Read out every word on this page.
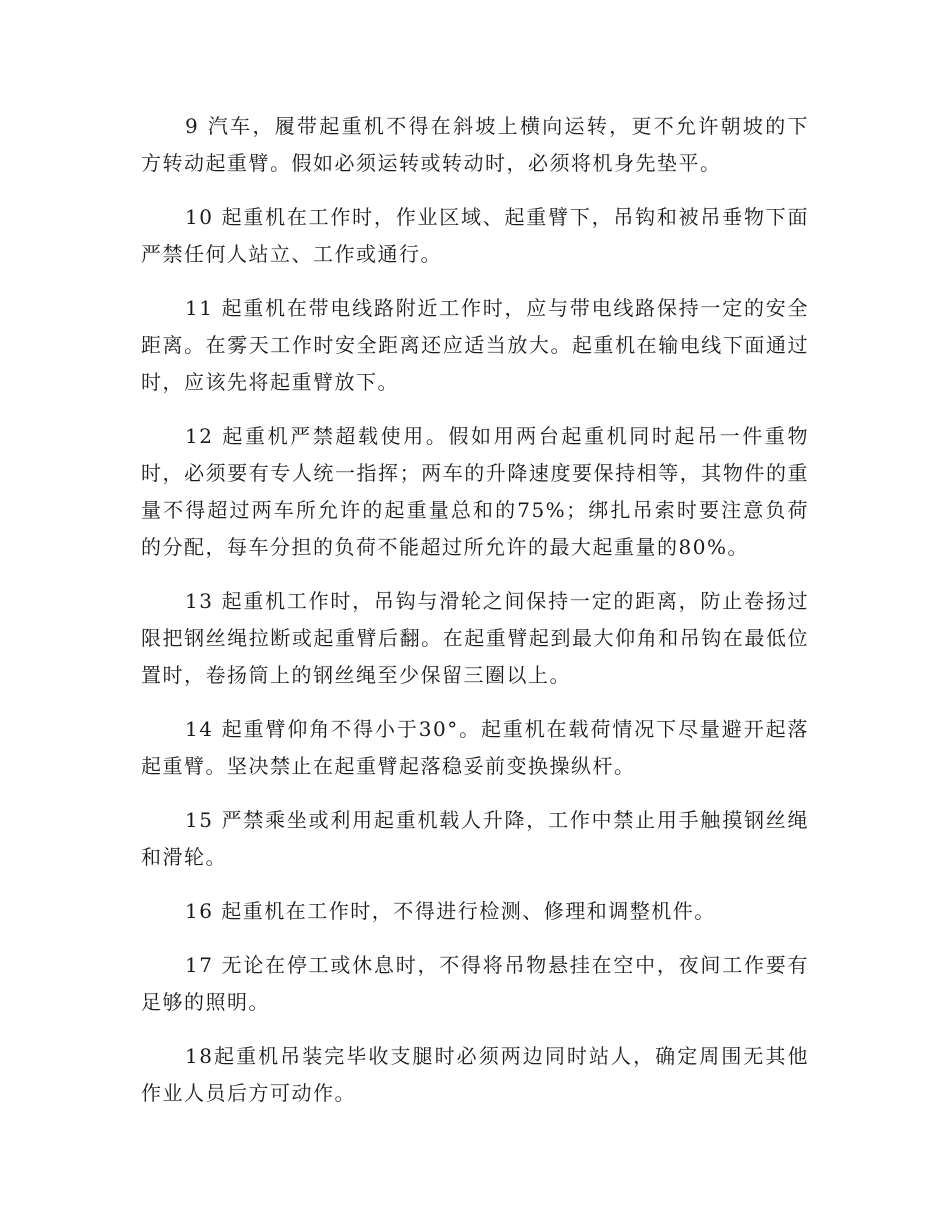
9 汽车，履带起重机不得在斜坡上横向运转，更不允许朝坡的下方转动起重臂。假如必须运转或转动时，必须将机身先垫平。

10 起重机在工作时，作业区域、起重臂下，吊钩和被吊垂物下面严禁任何人站立、工作或通行。

11 起重机在带电线路附近工作时，应与带电线路保持一定的安全距离。在雾天工作时安全距离还应适当放大。起重机在输电线下面通过时，应该先将起重臂放下。

12 起重机严禁超载使用。假如用两台起重机同时起吊一件重物时，必须要有专人统一指挥；两车的升降速度要保持相等，其物件的重量不得超过两车所允许的起重量总和的75%；绑扎吊索时要注意负荷的分配，每车分担的负荷不能超过所允许的最大起重量的80%。

13 起重机工作时，吊钩与滑轮之间保持一定的距离，防止卷扬过限把钢丝绳拉断或起重臂后翻。在起重臂起到最大仰角和吊钩在最低位置时，卷扬筒上的钢丝绳至少保留三圈以上。

14 起重臂仰角不得小于30°。起重机在载荷情况下尽量避开起落起重臂。坚决禁止在起重臂起落稳妥前变换操纵杆。

15 严禁乘坐或利用起重机载人升降，工作中禁止用手触摸钢丝绳和滑轮。

16 起重机在工作时，不得进行检测、修理和调整机件。

17 无论在停工或休息时，不得将吊物悬挂在空中，夜间工作要有足够的照明。

18起重机吊装完毕收支腿时必须两边同时站人，确定周围无其他作业人员后方可动作。
